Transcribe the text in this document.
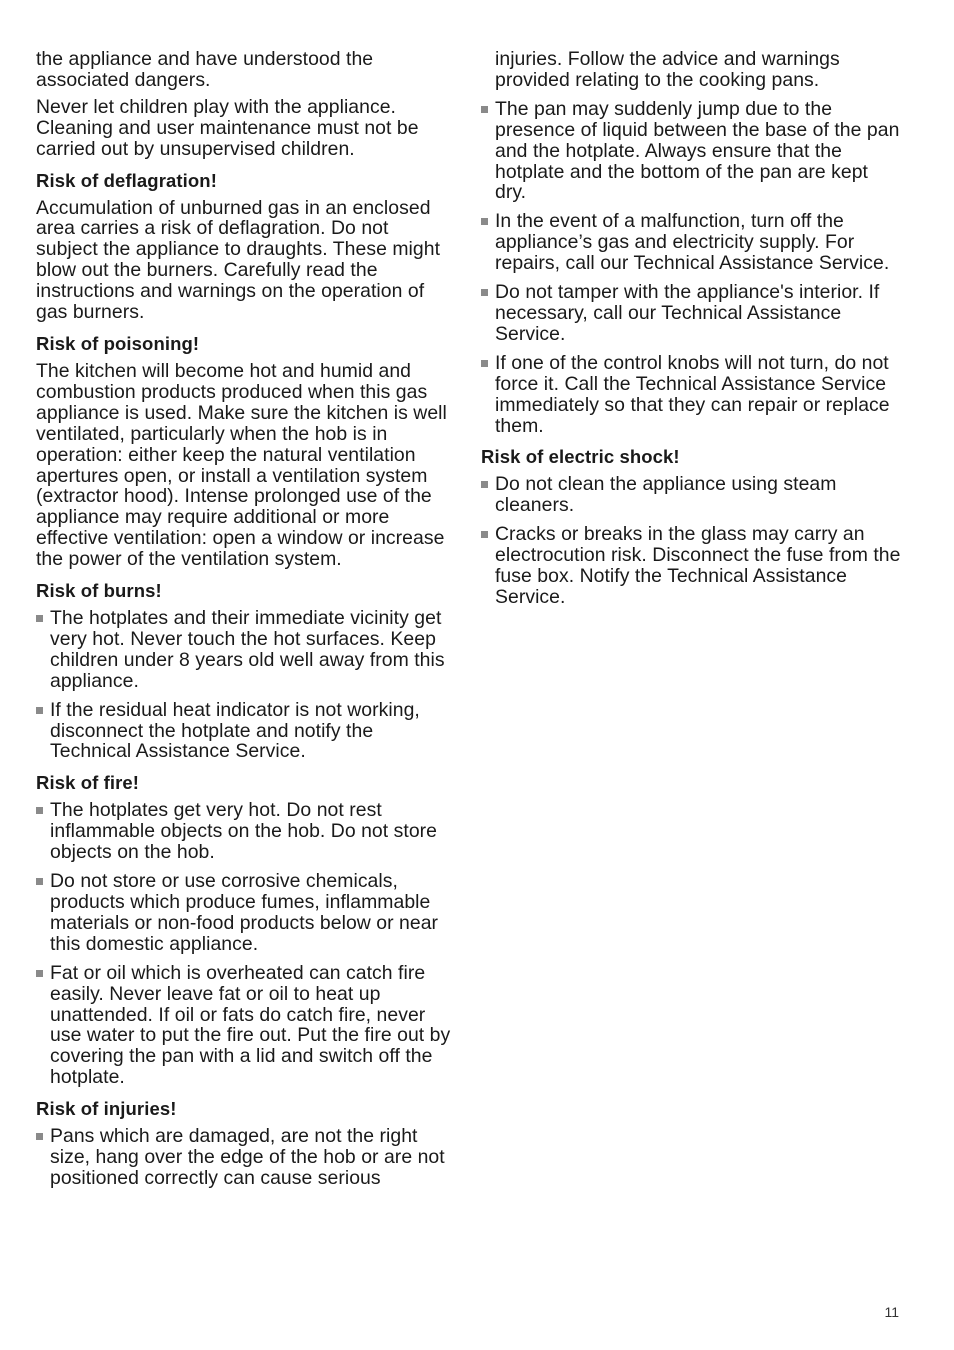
the appliance and have understood the associated dangers.

Never let children play with the appliance. Cleaning and user maintenance must not be carried out by unsupervised children.

Risk of deflagration!

Accumulation of unburned gas in an enclosed area carries a risk of deflagration. Do not subject the appliance to draughts. These might blow out the burners. Carefully read the instructions and warnings on the operation of gas burners.

Risk of poisoning!

The kitchen will become hot and humid and combustion products produced when this gas appliance is used. Make sure the kitchen is well ventilated, particularly when the hob is in operation: either keep the natural ventilation apertures open, or install a ventilation system (extractor hood). Intense prolonged use of the appliance may require additional or more effective ventilation: open a window or increase the power of the ventilation system.

Risk of burns!
The hotplates and their immediate vicinity get very hot. Never touch the hot surfaces. Keep children under 8 years old well away from this appliance.
If the residual heat indicator is not working, disconnect the hotplate and notify the Technical Assistance Service.
Risk of fire!
The hotplates get very hot. Do not rest inflammable objects on the hob. Do not store objects on the hob.
Do not store or use corrosive chemicals, products which produce fumes, inflammable materials or non-food products below or near this domestic appliance.
Fat or oil which is overheated can catch fire easily. Never leave fat or oil to heat up unattended. If oil or fats do catch fire, never use water to put the fire out. Put the fire out by covering the pan with a lid and switch off the hotplate.
Risk of injuries!
Pans which are damaged, are not the right size, hang over the edge of the hob or are not positioned correctly can cause serious

injuries. Follow the advice and warnings provided relating to the cooking pans.

The pan may suddenly jump due to the presence of liquid between the base of the pan and the hotplate. Always ensure that the hotplate and the bottom of the pan are kept dry.
In the event of a malfunction, turn off the appliance’s gas and electricity supply. For repairs, call our Technical Assistance Service.
Do not tamper with the appliance's interior. If necessary, call our Technical Assistance Service.
If one of the control knobs will not turn, do not force it. Call the Technical Assistance Service immediately so that they can repair or replace them.
Risk of electric shock!
Do not clean the appliance using steam cleaners.
Cracks or breaks in the glass may carry an electrocution risk. Disconnect the fuse from the fuse box. Notify the Technical Assistance Service.
11
